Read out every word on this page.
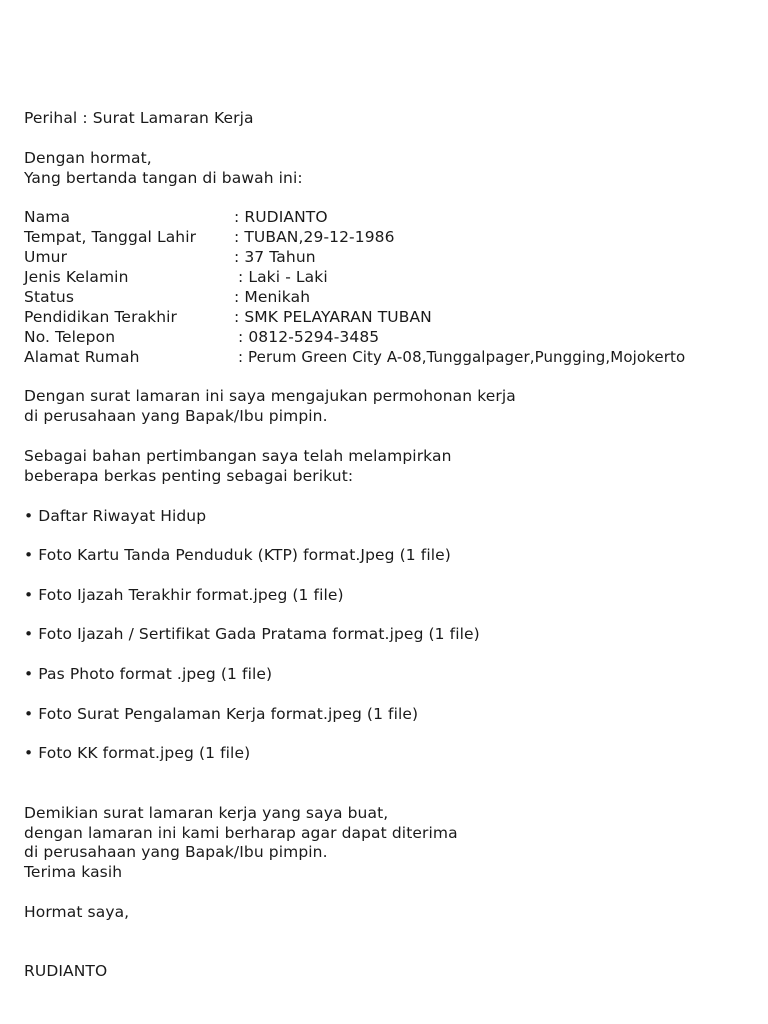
Perihal : Surat Lamaran Kerja

Dengan hormat,

Yang bertanda tangan di bawah ini:

Nama	: RUDIANTO
Tempat, Tanggal Lahir : TUBAN,29-12-1986
Umur	: 37 Tahun
Jenis Kelamin	: Laki - Laki
Status	: Menikah
Pendidikan Terakhir	: SMK PELAYARAN TUBAN
No. Telepon	: 0812-5294-3485
Alamat Rumah	: Perum Green City A-08,Tunggalpager,Pungging,Mojokerto

Dengan surat lamaran ini saya mengajukan permohonan kerja

di perusahaan yang Bapak/Ibu pimpin.

Sebagai bahan pertimbangan saya telah melampirkan

beberapa berkas penting sebagai berikut:

• Daftar Riwayat Hidup

• Foto Kartu Tanda Penduduk (KTP) format.Jpeg (1 file)

• Foto Ijazah Terakhir format.jpeg (1 file)

• Foto Ijazah / Sertifikat Gada Pratama format.jpeg (1 file)

• Pas Photo format .jpeg (1 file)

• Foto Surat Pengalaman Kerja format.jpeg (1 file)

• Foto KK format.jpeg (1 file)

Demikian surat lamaran kerja yang saya buat,

dengan lamaran ini kami berharap agar dapat diterima

di perusahaan yang Bapak/Ibu pimpin.

Terima kasih

Hormat saya,

RUDIANTO
